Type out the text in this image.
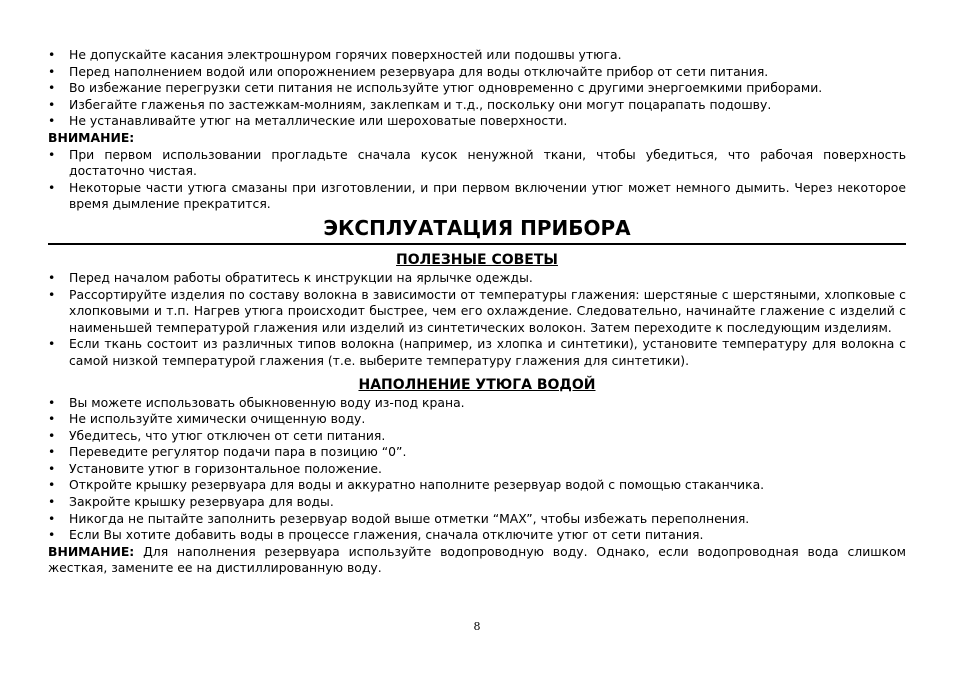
•	Не допускайте касания электрошнуром горячих поверхностей или подошвы утюга.
•	Перед наполнением водой или опорожнением резервуара для воды отключайте прибор от сети питания.
•	Во избежание перегрузки сети питания не используйте утюг одновременно с другими энергоемкими приборами.
•	Избегайте глаженья по застежкам-молниям, заклепкам и т.д., поскольку они могут поцарапать подошву.
•	Не устанавливайте утюг на металлические или шероховатые поверхности.
ВНИМАНИЕ:
•	При первом использовании прогладьте сначала кусок ненужной ткани, чтобы убедиться, что рабочая поверхность достаточно чистая.
•	Некоторые части утюга смазаны при изготовлении, и при первом включении утюг может немного дымить. Через некоторое время дымление прекратится.
ЭКСПЛУАТАЦИЯ ПРИБОРА
ПОЛЕЗНЫЕ СОВЕТЫ
•	Перед началом работы обратитесь к инструкции на ярлычке одежды.
•	Рассортируйте изделия по составу волокна в зависимости от температуры глажения: шерстяные с шерстяными, хлопковые с хлопковыми и т.п. Нагрев утюга происходит быстрее, чем его охлаждение. Следовательно, начинайте глажение с изделий с наименьшей температурой глажения или изделий из синтетических волокон. Затем переходите к последующим изделиям.
•	Если ткань состоит из различных типов волокна (например, из хлопка и синтетики), установите температуру для волокна с самой низкой температурой глажения (т.е. выберите температуру глажения для синтетики).
НАПОЛНЕНИЕ УТЮГА ВОДОЙ
•	Вы можете использовать обыкновенную воду из-под крана.
•	Не используйте химически очищенную воду.
•	Убедитесь, что утюг отключен от сети питания.
•	Переведите регулятор подачи пара в позицию “0”.
•	Установите утюг в горизонтальное положение.
•	Откройте крышку резервуара для воды и аккуратно наполните резервуар водой с помощью стаканчика.
•	Закройте крышку резервуара для воды.
•	Никогда не пытайте заполнить резервуар водой выше отметки “MAX”, чтобы избежать переполнения.
•	Если Вы хотите добавить воды в процессе глажения, сначала отключите утюг от сети питания.
ВНИМАНИЕ: Для наполнения резервуара используйте водопроводную воду. Однако, если водопроводная вода слишком жесткая, замените ее на дистиллированную воду.
8
